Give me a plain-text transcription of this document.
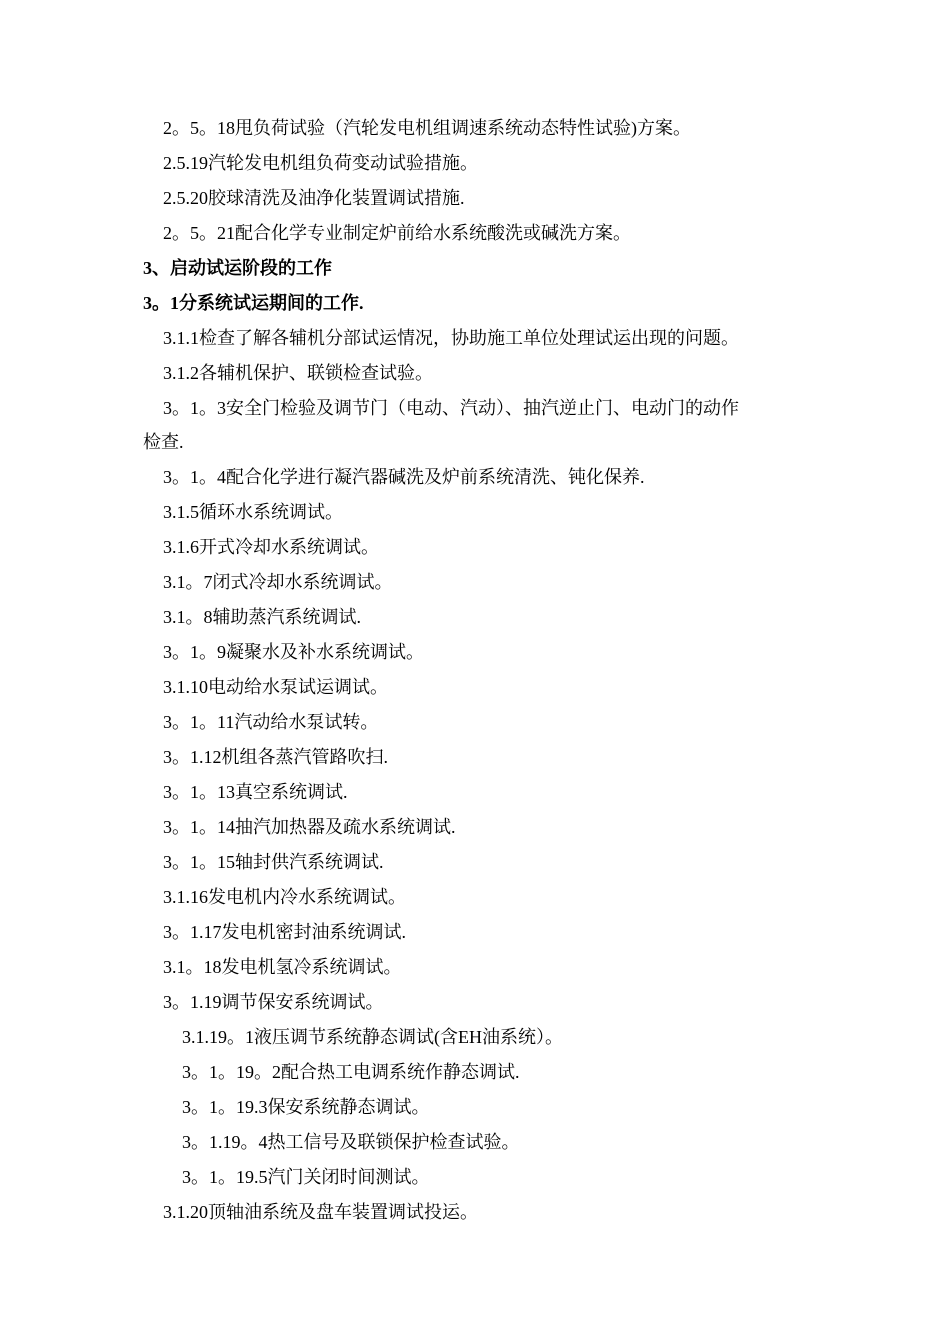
2。5。18甩负荷试验（汽轮发电机组调速系统动态特性试验)方案。
2.5.19汽轮发电机组负荷变动试验措施。
2.5.20胶球清洗及油净化装置调试措施.
2。5。21配合化学专业制定炉前给水系统酸洗或碱洗方案。
3、启动试运阶段的工作
3。1分系统试运期间的工作.
3.1.1检查了解各辅机分部试运情况，协助施工单位处理试运出现的问题。
3.1.2各辅机保护、联锁检查试验。
3。1。3安全门检验及调节门（电动、汽动）、抽汽逆止门、电动门的动作
检查.
3。1。4配合化学进行凝汽器碱洗及炉前系统清洗、钝化保养.
3.1.5循环水系统调试。
3.1.6开式冷却水系统调试。
3.1。7闭式冷却水系统调试。
3.1。8辅助蒸汽系统调试.
3。1。9凝聚水及补水系统调试。
3.1.10电动给水泵试运调试。
3。1。11汽动给水泵试转。
3。1.12机组各蒸汽管路吹扫.
3。1。13真空系统调试.
3。1。14抽汽加热器及疏水系统调试.
3。1。15轴封供汽系统调试.
3.1.16发电机内冷水系统调试。
3。1.17发电机密封油系统调试.
3.1。18发电机氢冷系统调试。
3。1.19调节保安系统调试。
3.1.19。1液压调节系统静态调试(含EH油系统）。
3。1。19。2配合热工电调系统作静态调试.
3。1。19.3保安系统静态调试。
3。1.19。4热工信号及联锁保护检查试验。
3。1。19.5汽门关闭时间测试。
3.1.20顶轴油系统及盘车装置调试投运。
